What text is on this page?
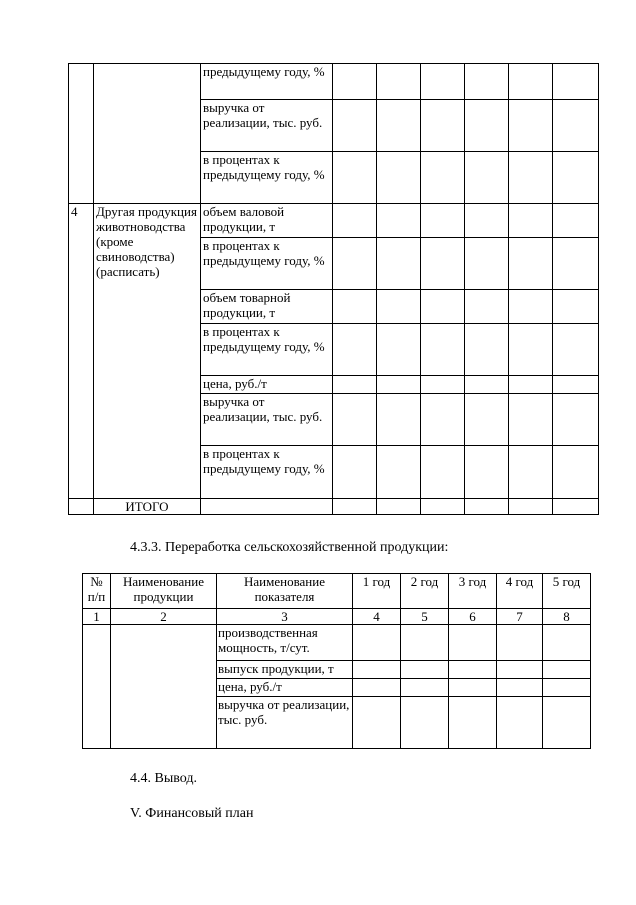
		предыдущему году, %						
		выручка от реализации, тыс. руб.						
		в процентах к предыдущему году, %						
4	Другая продукция животноводства (кроме свиноводства) (расписать)	объем валовой продукции, т						
		в процентах к предыдущему году, %						
		объем товарной продукции, т						
		в процентах к предыдущему году, %						
		цена, руб./т						
		выручка от реализации, тыс. руб.						
		в процентах к предыдущему году, %						
	ИТОГО							
4.3.3. Переработка сельскохозяйственной продукции:
№ п/п	Наименование продукции	Наименование показателя	1 год	2 год	3 год	4 год	5 год
1	2	3	4	5	6	7	8
		производственная мощность, т/сут.					
		выпуск продукции, т					
		цена, руб./т					
		выручка от реализации, тыс. руб.					
4.4. Вывод.
V. Финансовый план
